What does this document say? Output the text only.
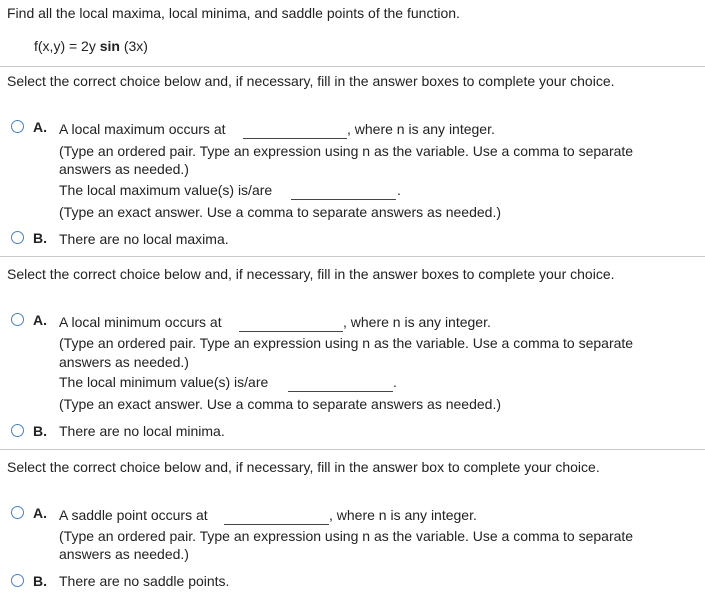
Find all the local maxima, local minima, and saddle points of the function.
f(x,y) = 2y sin (3x)
Select the correct choice below and, if necessary, fill in the answer boxes to complete your choice.
A. A local maximum occurs at	, where n is any integer.
(Type an ordered pair. Type an expression using n as the variable. Use a comma to separate
answers as needed.)
The local maximum value(s) is/are	.
(Type an exact answer. Use a comma to separate answers as needed.)
B. There are no local maxima.
Select the correct choice below and, if necessary, fill in the answer boxes to complete your choice.
A. A local minimum occurs at	, where n is any integer.
(Type an ordered pair. Type an expression using n as the variable. Use a comma to separate
answers as needed.)
The local minimum value(s) is/are	.
(Type an exact answer. Use a comma to separate answers as needed.)
B. There are no local minima.
Select the correct choice below and, if necessary, fill in the answer box to complete your choice.
A. A saddle point occurs at	, where n is any integer.
(Type an ordered pair. Type an expression using n as the variable. Use a comma to separate
answers as needed.)
B. There are no saddle points.
